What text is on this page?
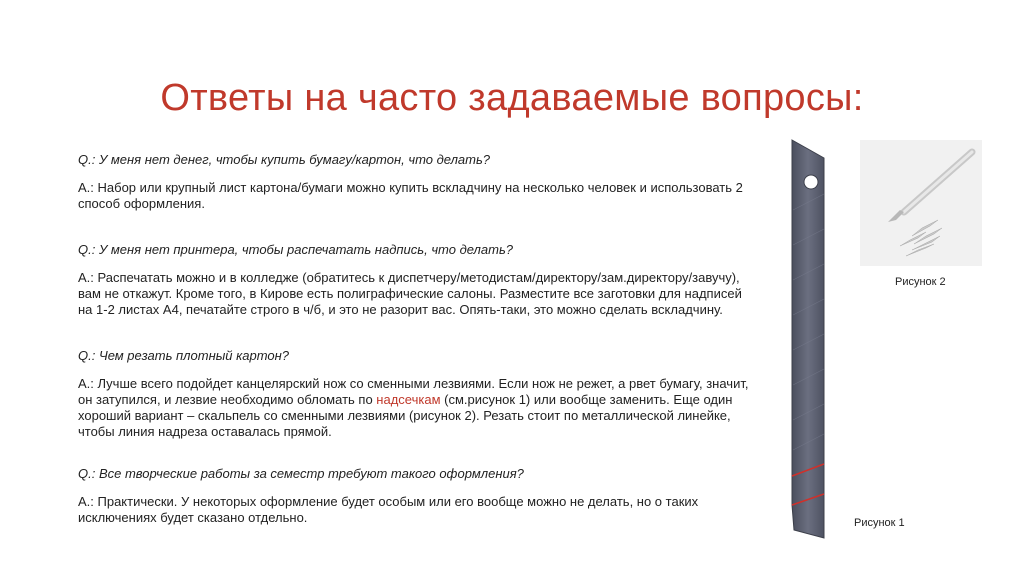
Ответы на часто задаваемые вопросы:

Q.: У меня нет денег, чтобы купить бумагу/картон, что делать?

A.: Набор или крупный лист картона/бумаги можно купить вскладчину на несколько человек и использовать 2 способ оформления.

Q.: У меня нет принтера, чтобы распечатать надпись, что делать?

A.: Распечатать можно и в колледже (обратитесь к диспетчеру/методистам/директору/зам.директору/завучу), вам не откажут. Кроме того, в Кирове есть полиграфические салоны. Разместите все заготовки для надписей на 1-2 листах А4, печатайте строго в ч/б, и это не разорит вас. Опять-таки, это можно сделать вскладчину.

Q.: Чем резать плотный картон?

A.: Лучше всего подойдет канцелярский нож со сменными лезвиями. Если нож не режет, а рвет бумагу, значит, он затупился, и лезвие необходимо обломать по надсечкам (см.рисунок 1) или вообще заменить. Еще один хороший вариант – скальпель со сменными лезвиями (рисунок 2). Резать стоит по металлической линейке, чтобы линия надреза оставалась прямой.

Q.: Все творческие работы за семестр требуют такого оформления?

A.: Практически. У некоторых оформление будет особым или его вообще можно не делать, но о таких исключениях будет сказано отдельно.	Рисунок 1
Рисунок 2
